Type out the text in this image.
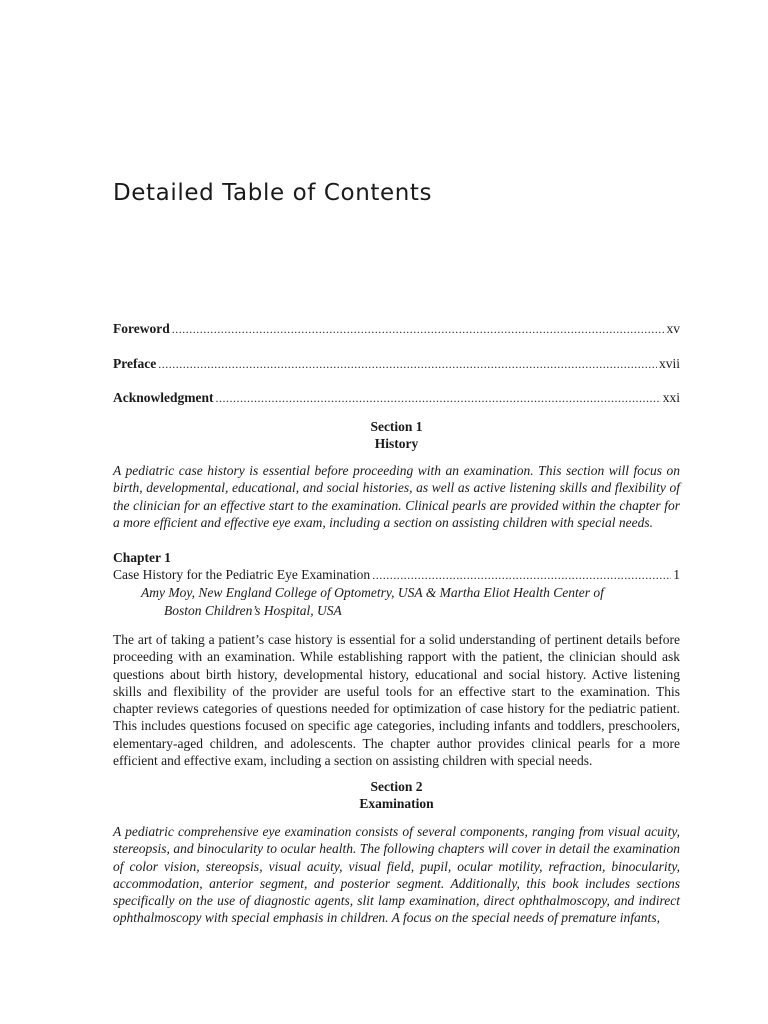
Detailed Table of Contents
Foreword .....	xv
Preface .....	xvii
Acknowledgment .....	xxi
Section 1
History

A pediatric case history is essential before proceeding with an examination. This section will focus on birth, developmental, educational, and social histories, as well as active listening skills and flexibility of the clinician for an effective start to the examination. Clinical pearls are provided within the chapter for a more efficient and effective eye exam, including a section on assisting children with special needs.

Chapter 1
Case History for the Pediatric Eye Examination .....	1
Amy Moy, New England College of Optometry, USA & Martha Eliot Health Center of
Boston Children’s Hospital, USA

The art of taking a patient’s case history is essential for a solid understanding of pertinent details before proceeding with an examination. While establishing rapport with the patient, the clinician should ask questions about birth history, developmental history, educational and social history. Active listening skills and flexibility of the provider are useful tools for an effective start to the examination. This chapter reviews categories of questions needed for optimization of case history for the pediatric patient. This includes questions focused on specific age categories, including infants and toddlers, preschoolers, elementary-aged children, and adolescents. The chapter author provides clinical pearls for a more efficient and effective exam, including a section on assisting children with special needs.

Section 2
Examination

A pediatric comprehensive eye examination consists of several components, ranging from visual acuity, stereopsis, and binocularity to ocular health. The following chapters will cover in detail the examination of color vision, stereopsis, visual acuity, visual field, pupil, ocular motility, refraction, binocularity, accommodation, anterior segment, and posterior segment. Additionally, this book includes sections specifically on the use of diagnostic agents, slit lamp examination, direct ophthalmoscopy, and indirect ophthalmoscopy with special emphasis in children. A focus on the special needs of premature infants,
